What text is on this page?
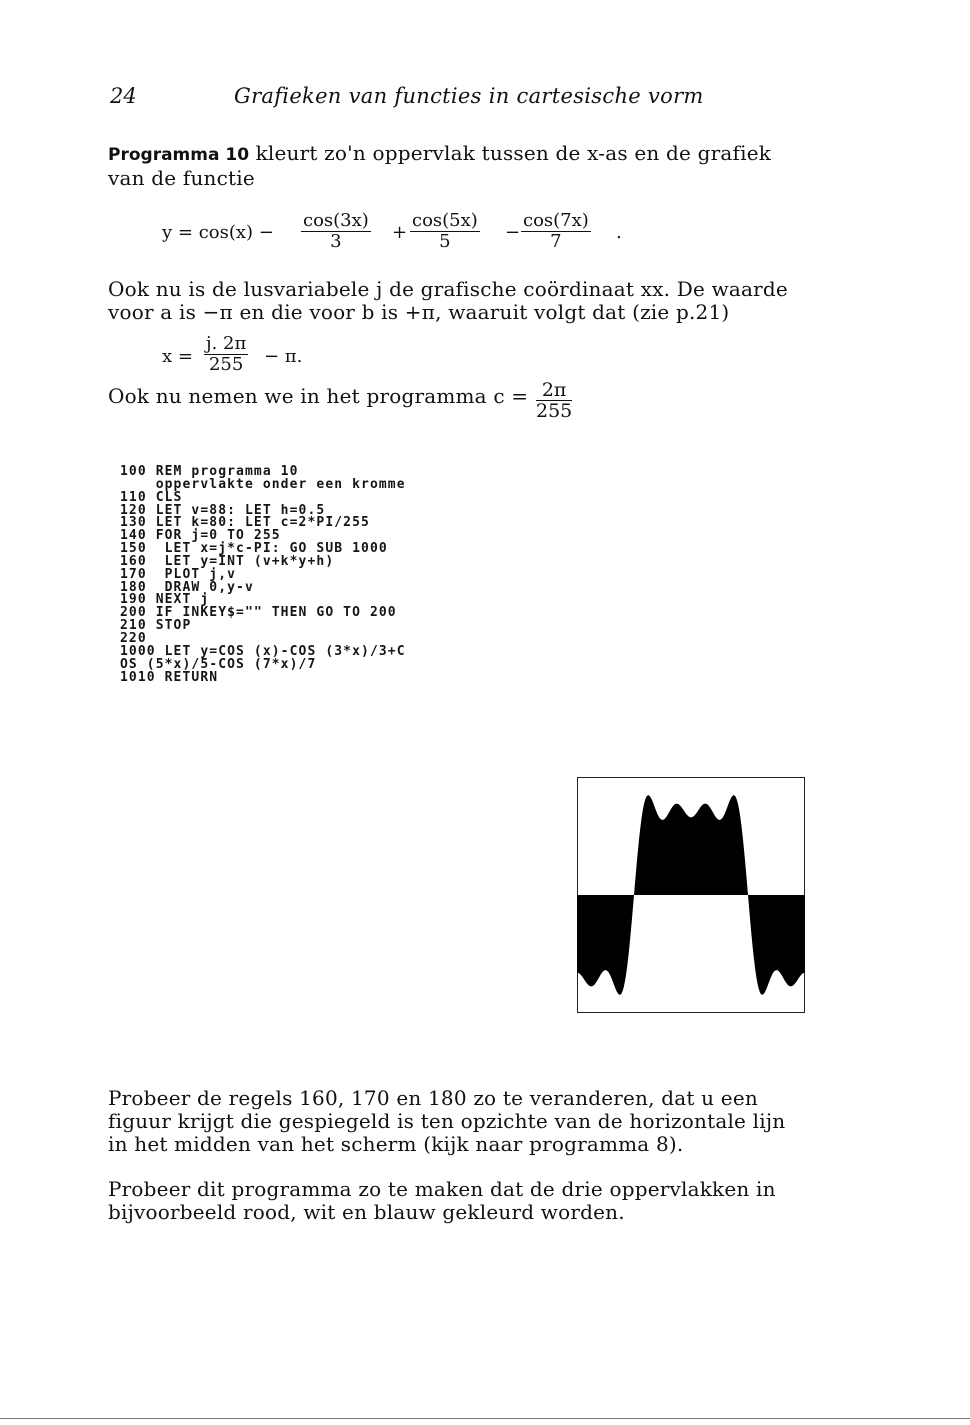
24	Grafieken van functies in cartesische vorm
Programma 10 kleurt zo'n oppervlak tussen de x-as en de grafiek
van de functie
$y = \cos(x) - \frac{\cos(3x)}{3} + \frac{\cos(5x)}{5} - \frac{\cos(7x)}{7}$ .
Ook nu is de lusvariabele j de grafische coördinaat xx. De waarde
voor a is −π en die voor b is +π, waaruit volgt dat (zie p.21)
$x = \frac{j. 2\pi}{255} - \pi$.
Ook nu nemen we in het programma $c = \frac{2\pi}{255}$
100 REM programma 10
oppervlakte onder een kromme
110 CLS
120 LET v=88: LET h=0.5
130 LET k=80: LET c=2*PI/255
140 FOR j=0 TO 255
150  LET x=j*c-PI: GO SUB 1000
160  LET y=INT (v+k*y+h)
170  PLOT j,v
180  DRAW 0,y-v
190 NEXT j
200 IF INKEY$="" THEN GO TO 200
210 STOP
220
1000 LET y=COS (x)-COS (3*x)/3+C
OS (5*x)/5-COS (7*x)/7
1010 RETURN
Probeer de regels 160, 170 en 180 zo te veranderen, dat u een
figuur krijgt die gespiegeld is ten opzichte van de horizontale lijn
in het midden van het scherm (kijk naar programma 8).
Probeer dit programma zo te maken dat de drie oppervlakken in
bijvoorbeeld rood, wit en blauw gekleurd worden.
